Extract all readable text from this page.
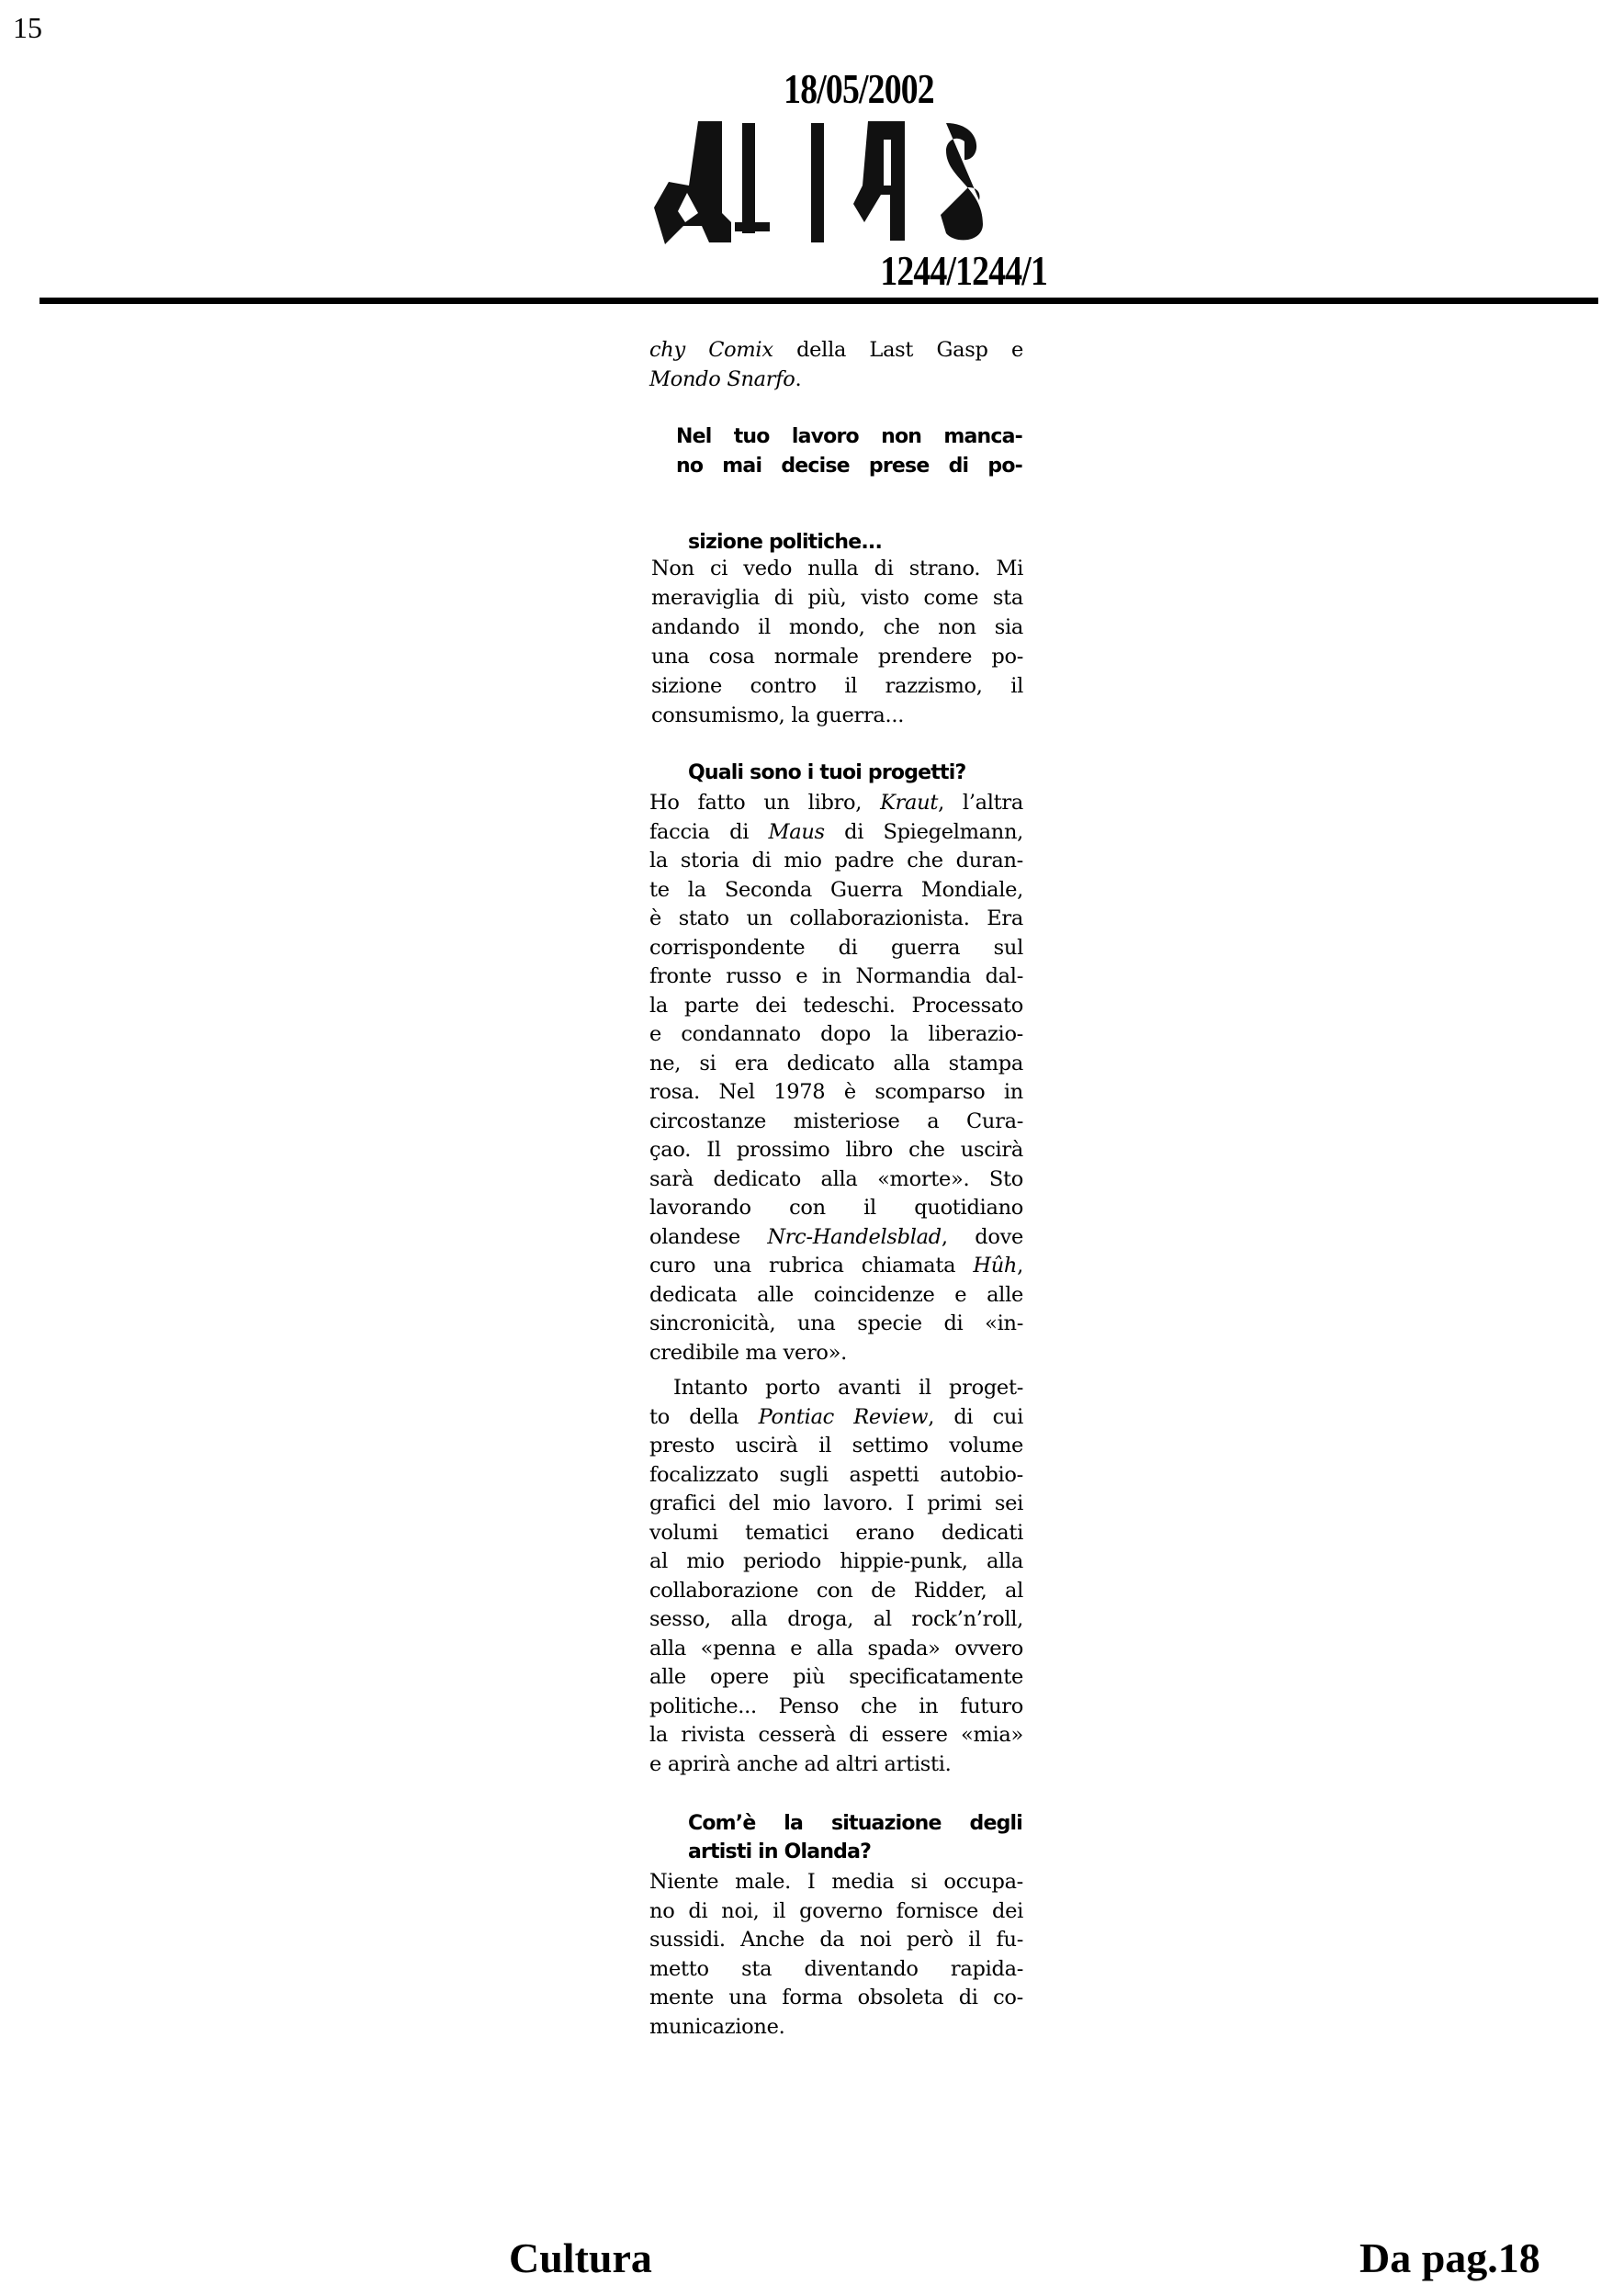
15
18/05/2002
1244/1244/1
chy Comix della Last Gasp e
Mondo Snarfo.
Nel tuo lavoro non manca-
no mai decise prese di po-
sizione politiche...
Non ci vedo nulla di strano. Mi
meraviglia di più, visto come sta
andando il mondo, che non sia
una cosa normale prendere po-
sizione contro il razzismo, il
consumismo, la guerra...
Quali sono i tuoi progetti?
Ho fatto un libro, Kraut, l’altra
faccia di Maus di Spiegelmann,
la storia di mio padre che duran-
te la Seconda Guerra Mondiale,
è stato un collaborazionista. Era
corrispondente di guerra sul
fronte russo e in Normandia dal-
la parte dei tedeschi. Processato
e condannato dopo la liberazio-
ne, si era dedicato alla stampa
rosa. Nel 1978 è scomparso in
circostanze misteriose a Cura-
çao. Il prossimo libro che uscirà
sarà dedicato alla «morte». Sto
lavorando con il quotidiano
olandese Nrc-Handelsblad, dove
curo una rubrica chiamata Hûh,
dedicata alle coincidenze e alle
sincronicità, una specie di «in-
credibile ma vero».
Intanto porto avanti il proget-
to della Pontiac Review, di cui
presto uscirà il settimo volume
focalizzato sugli aspetti autobio-
grafici del mio lavoro. I primi sei
volumi tematici erano dedicati
al mio periodo hippie-punk, alla
collaborazione con de Ridder, al
sesso, alla droga, al rock’n’roll,
alla «penna e alla spada» ovvero
alle opere più specificatamente
politiche... Penso che in futuro
la rivista cesserà di essere «mia»
e aprirà anche ad altri artisti.
Com’è la situazione degli
artisti in Olanda?
Niente male. I media si occupa-
no di noi, il governo fornisce dei
sussidi. Anche da noi però il fu-
metto sta diventando rapida-
mente una forma obsoleta di co-
municazione.
Cultura	Da pag.18
